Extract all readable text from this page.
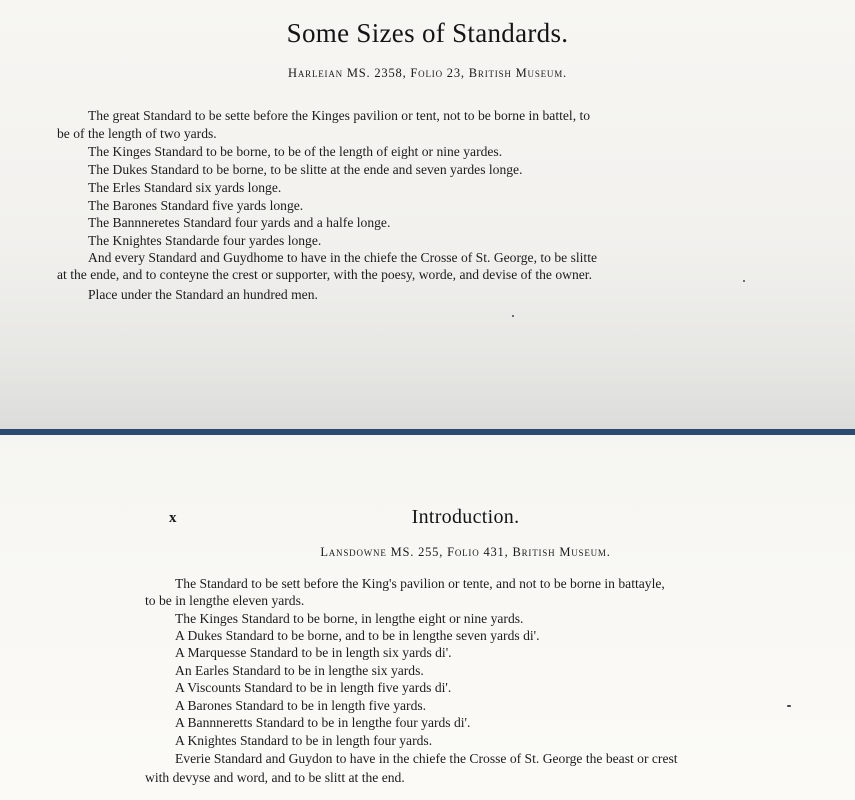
Some Sizes of Standards.
Harleian MS. 2358, Folio 23, British Museum.
The great Standard to be sette before the Kinges pavilion or tent, not to be borne in battel, to
be of the length of two yards.
The Kinges Standard to be borne, to be of the length of eight or nine yardes.
The Dukes Standard to be borne, to be slitte at the ende and seven yardes longe.
The Erles Standard six yards longe.
The Barones Standard five yards longe.
The Bannneretes Standard four yards and a halfe longe.
The Knightes Standarde four yardes longe.
And every Standard and Guydhome to have in the chiefe the Crosse of St. George, to be slitte
at the ende, and to conteyne the crest or supporter, with the poesy, worde, and devise of the owner.
Place under the Standard an hundred men.
x	Introduction.
Lansdowne MS. 255, Folio 431, British Museum.
The Standard to be sett before the King's pavilion or tente, and not to be borne in battayle,
to be in lengthe eleven yards.
The Kinges Standard to be borne, in lengthe eight or nine yards.
A Dukes Standard to be borne, and to be in lengthe seven yards di'.
A Marquesse Standard to be in length six yards di'.
An Earles Standard to be in lengthe six yards.
A Viscounts Standard to be in length five yards di'.
A Barones Standard to be in length five yards.
A Bannneretts Standard to be in lengthe four yards di'.
A Knightes Standard to be in length four yards.
Everie Standard and Guydon to have in the chiefe the Crosse of St. George the beast or crest
with devyse and word, and to be slitt at the end.
